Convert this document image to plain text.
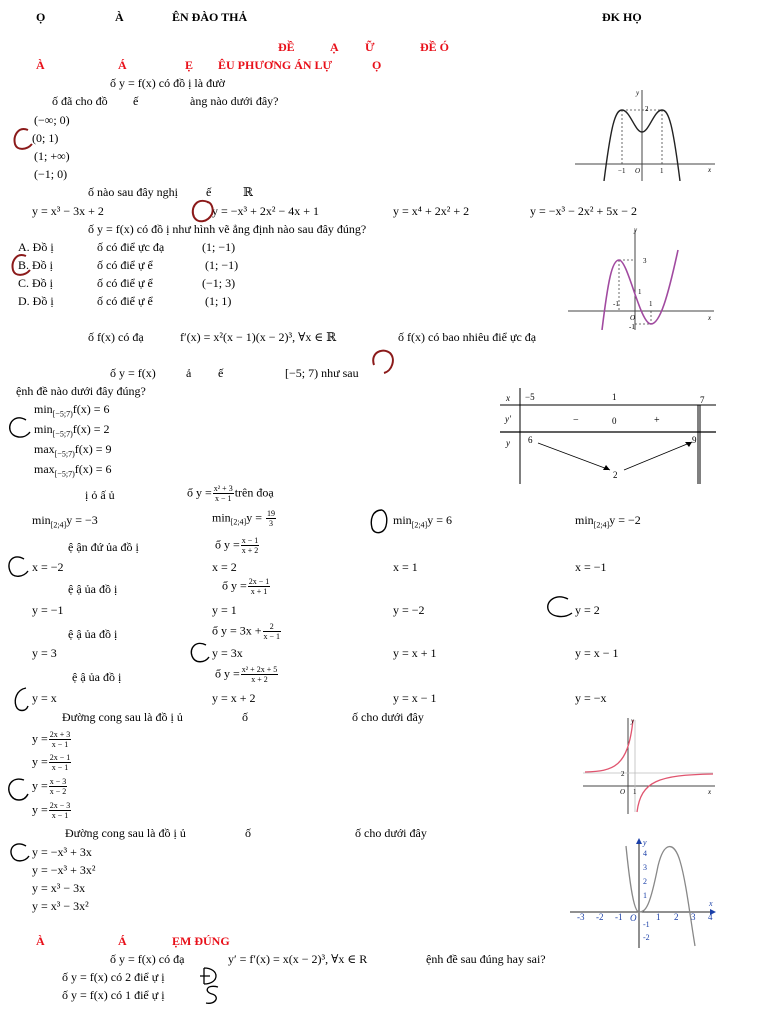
Ọ	À	ÊN ĐÀO THẢ	ĐK HỌ
ĐỀ	Ạ Ữ	ĐỀ Ó
À	Á	Ẹ ÊU PHƯƠNG ÁN LỰ	Ọ
ố y = f(x) có đồ ị là đườ
ố đã cho đồ ế	àng nào dưới đây?
(−∞; 0)
(0; 1)
(1; +∞)
(−1; 0)
y
x
O
2
−1	1
ố nào sau đây nghị ế	ℝ
y = x³ − 3x + 2	y = −x³ + 2x² − 4x + 1	y = x⁴ + 2x² + 2	y = −x³ − 2x² + 5x − 2
ố y = f(x) có đồ ị như hình vẽ ẳng định nào sau đây đúng?
A. Đồ ị	ố có điể ực đạ	(1; −1)
B. Đồ ị	ố có điể ự ể	(1; −1)
C. Đồ ị	ố có điể ự ể	(−1; 3)
D. Đồ ị	ố có điể ự ể	(1; 1)
y
x
O
3
1
-1	1
-1
ố f(x) có đạ	f′(x) = x²(x − 1)(x − 2)³, ∀x ∈ ℝ	ố f(x) có bao nhiêu điể ực đạ
ố y = f(x)	ả ế	[−5; 7) như sau
ệnh đề nào dưới đây đúng?
$\min_{[-5;7)}f(x) = 6$
$\min_{[-5;7)}f(x) = 2$
$\max_{[-5;7)}f(x) = 9$
$\max_{[-5;7)}f(x) = 6$
x
y′
y
−5	1	7
−	0	+
6
2
9
ị ỏ ấ ủ	ố $y = \frac{\text{x² + 3}}{x - 1}$ trên đoạ
$\min_{[2;4]}y = -3$	$\min_{[2;4]}y = \frac{19}{3}$	$\min_{[2;4]}y = 6$	$\min_{[2;4]}y = -2$
ệ ận đứ ủa đồ ị	ố $y = \frac{x - 1}{x + 2}$
x = −2	x = 2	x = 1	x = −1
ệ ậ ủa đồ ị	ố $y = \frac{2x - 1}{x + 1}$
y = −1	y = 1	y = −2	y = 2
ệ ậ ủa đồ ị	ố $y = 3x + \frac{2}{x - 1}$
y = 3	y = 3x	y = x + 1	y = x − 1
ệ ậ ủa đồ ị	ố $y = \frac{\text{x² + 2x + 5}}{x + 2}$
y = x	y = x + 2	y = x − 1	y = −x
Đường cong sau là đồ ị ủ	ố	ố cho dưới đây
$y = \frac{2x + 3}{x - 1}$
$y = \frac{2x - 1}{x - 1}$
$y = \frac{x - 3}{x - 2}$
$y = \frac{2x - 3}{x - 1}$
y
x
O
2
1
Đường cong sau là đồ ị ủ	ố	ố cho dưới đây
y = −x³ + 3x
y = −x³ + 3x²
y = x³ − 3x
y = x³ − 3x²
y
x
O
-3 -2 -1	1 2 3 4
4
3
2
1
-1
-2
À	Á	ẸM ĐÚNG
ố y = f(x) có đạ	y′ = f′(x) = x(x − 2)³, ∀x ∈ R	ệnh đề sau đúng hay sai?
ố y = f(x) có 2 điể ự ị
ố y = f(x) có 1 điể ự ị
